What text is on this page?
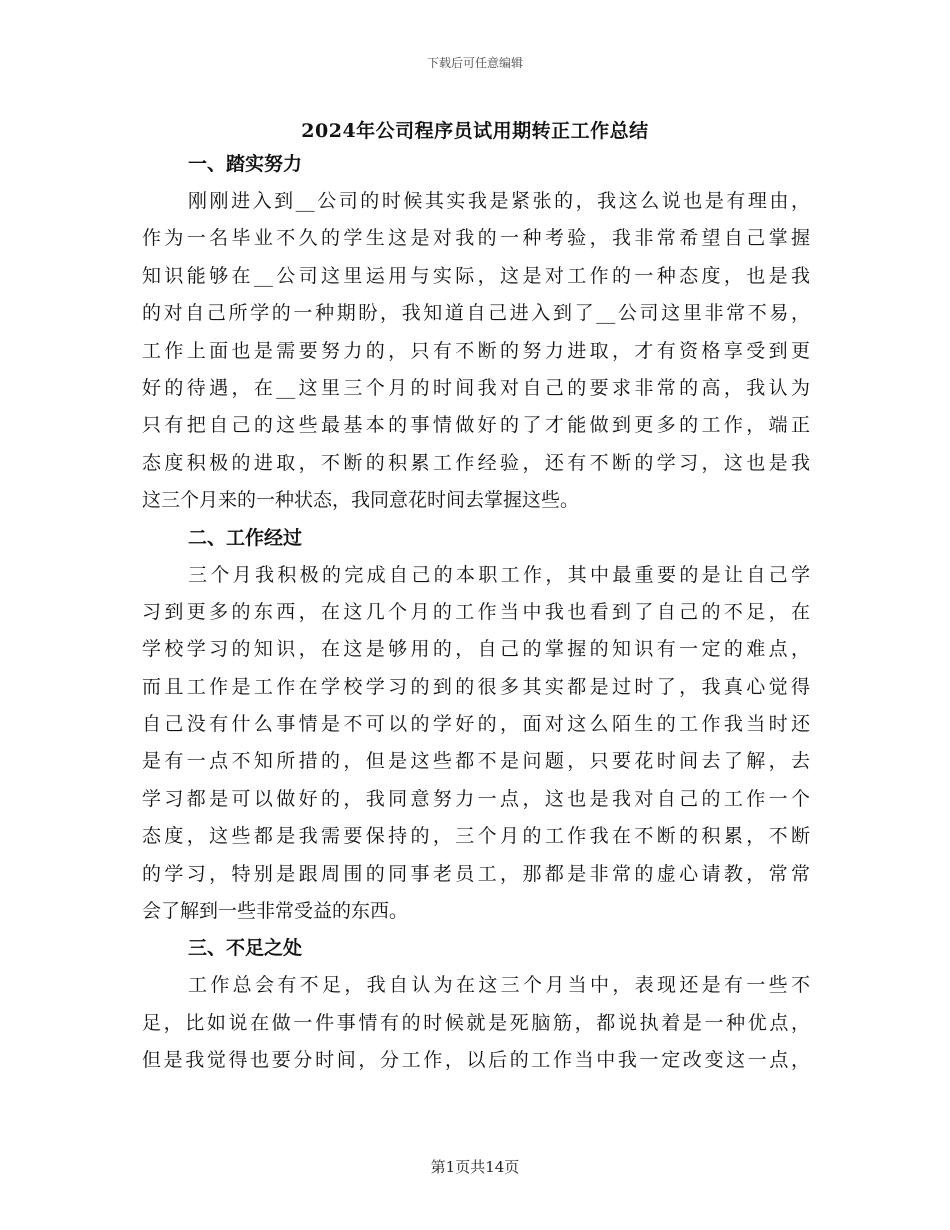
下载后可任意编辑
2024年公司程序员试用期转正工作总结
一、踏实努力
刚刚进入到__公司的时候其实我是紧张的，我这么说也是有理由，
作为一名毕业不久的学生这是对我的一种考验，我非常希望自己掌握
知识能够在__公司这里运用与实际，这是对工作的一种态度，也是我
的对自己所学的一种期盼，我知道自己进入到了__公司这里非常不易，
工作上面也是需要努力的，只有不断的努力进取，才有资格享受到更
好的待遇，在__这里三个月的时间我对自己的要求非常的高，我认为
只有把自己的这些最基本的事情做好的了才能做到更多的工作，端正
态度积极的进取，不断的积累工作经验，还有不断的学习，这也是我
这三个月来的一种状态，我同意花时间去掌握这些。
二、工作经过
三个月我积极的完成自己的本职工作，其中最重要的是让自己学
习到更多的东西，在这几个月的工作当中我也看到了自己的不足，在
学校学习的知识，在这是够用的，自己的掌握的知识有一定的难点，
而且工作是工作在学校学习的到的很多其实都是过时了，我真心觉得
自己没有什么事情是不可以的学好的，面对这么陌生的工作我当时还
是有一点不知所措的，但是这些都不是问题，只要花时间去了解，去
学习都是可以做好的，我同意努力一点，这也是我对自己的工作一个
态度，这些都是我需要保持的，三个月的工作我在不断的积累，不断
的学习，特别是跟周围的同事老员工，那都是非常的虚心请教，常常
会了解到一些非常受益的东西。
三、不足之处
工作总会有不足，我自认为在这三个月当中，表现还是有一些不
足，比如说在做一件事情有的时候就是死脑筋，都说执着是一种优点，
但是我觉得也要分时间，分工作，以后的工作当中我一定改变这一点，
第1页共14页
